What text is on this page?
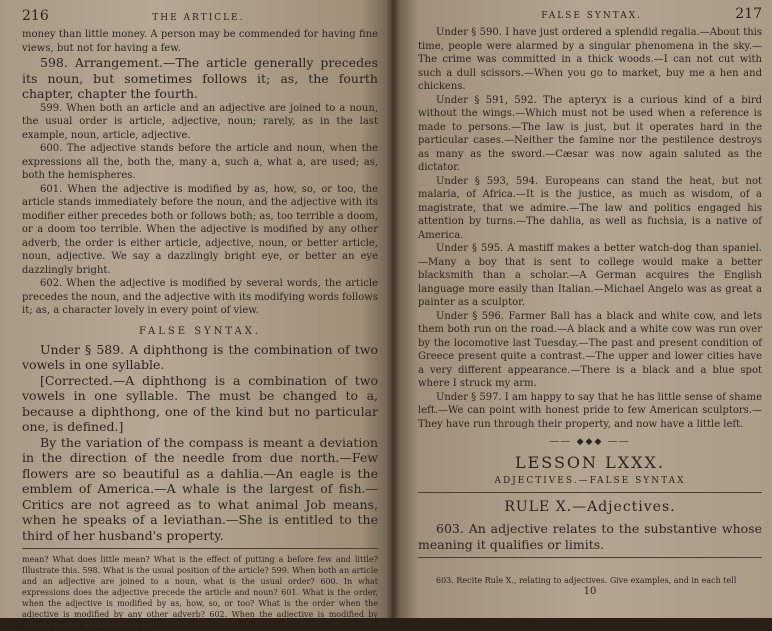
216	THE ARTICLE.

money than little money. A person may be commended for having fine views, but not for having a few.

598. Arrangement.—The article generally precedes its noun, but sometimes follows it; as, the fourth chapter, chapter the fourth.

599. When both an article and an adjective are joined to a noun, the usual order is article, adjective, noun; rarely, as in the last example, noun, article, adjective.

600. The adjective stands before the article and noun, when the expressions all the, both the, many a, such a, what a, are used; as, both the hemispheres.

601. When the adjective is modified by as, how, so, or too, the article stands immediately before the noun, and the adjective with its modifier either precedes both or follows both; as, too terrible a doom, or a doom too terrible. When the adjective is modified by any other adverb, the order is either article, adjective, noun, or better article, noun, adjective. We say a dazzlingly bright eye, or better an eye dazzlingly bright.

602. When the adjective is modified by several words, the article precedes the noun, and the adjective with its modifying words follows it; as, a character lovely in every point of view.

FALSE SYNTAX.

Under § 589. A diphthong is the combination of two vowels in one syllable.

[Corrected.—A diphthong is a combination of two vowels in one syllable. The must be changed to a, because a diphthong, one of the kind but no particular one, is defined.]

By the variation of the compass is meant a deviation in the direction of the needle from due north.—Few flowers are so beautiful as a dahlia.—An eagle is the emblem of America.—A whale is the largest of fish.—Critics are not agreed as to what animal Job means, when he speaks of a leviathan.—She is entitled to the third of her husband's property.

mean? What does little mean? What is the effect of putting a before few and little? Illustrate this. 598. What is the usual position of the article? 599. When both an article and an adjective are joined to a noun, what is the usual order? 600. In what expressions does the adjective precede the article and noun? 601. What is the order, when the adjective is modified by as, how, so, or too? What is the order when the adjective is modified by any other adverb? 602. When the adjective is modified by several words, what is the order?

FALSE SYNTAX.	217

Under § 590. I have just ordered a splendid regalia.—About this time, people were alarmed by a singular phenomena in the sky.—The crime was committed in a thick woods.—I can not cut with such a dull scissors.—When you go to market, buy me a hen and chickens.

Under § 591, 592. The apteryx is a curious kind of a bird without the wings.—Which must not be used when a reference is made to persons.—The law is just, but it operates hard in the particular cases.—Neither the famine nor the pestilence destroys as many as the sword.—Cæsar was now again saluted as the dictator.

Under § 593, 594. Europeans can stand the heat, but not malaria, of Africa.—It is the justice, as much as wisdom, of a magistrate, that we admire.—The law and politics engaged his attention by turns.—The dahlia, as well as fuchsia, is a native of America.

Under § 595. A mastiff makes a better watch-dog than spaniel.—Many a boy that is sent to college would make a better blacksmith than a scholar.—A German acquires the English language more easily than Italian.—Michael Angelo was as great a painter as a sculptor.

Under § 596. Farmer Ball has a black and white cow, and lets them both run on the road.—A black and a white cow was run over by the locomotive last Tuesday.—The past and present condition of Greece present quite a contrast.—The upper and lower cities have a very different appearance.—There is a black and a blue spot where I struck my arm.

Under § 597. I am happy to say that he has little sense of shame left.—We can point with honest pride to few American sculptors.—They have run through their property, and now have a little left.

―― ◆◆◆ ――
LESSON LXXX.
ADJECTIVES.—FALSE SYNTAX
RULE X.—Adjectives.

603. An adjective relates to the substantive whose meaning it qualifies or limits.

603. Recite Rule X., relating to adjectives. Give examples, and in each tell

10
